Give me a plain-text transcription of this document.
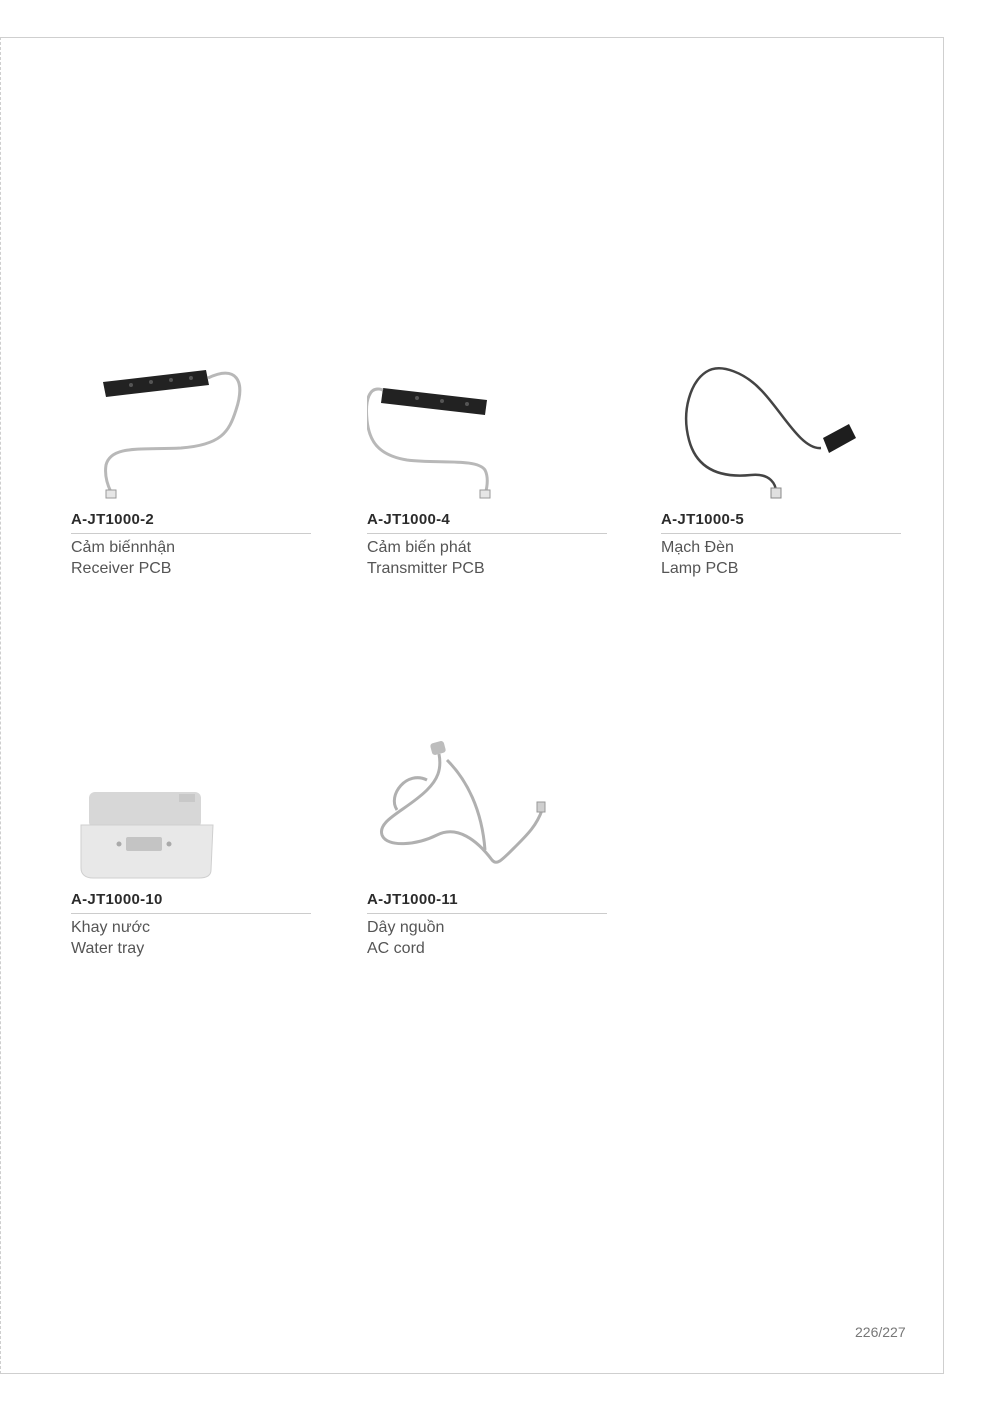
A-JT1000-2
Cảm biếnnhận
Receiver PCB
A-JT1000-4
Cảm biến phát
Transmitter PCB
A-JT1000-5
Mạch Đèn
Lamp PCB
A-JT1000-10
Khay nước
Water tray
A-JT1000-11
Dây nguồn
AC cord
226/227
